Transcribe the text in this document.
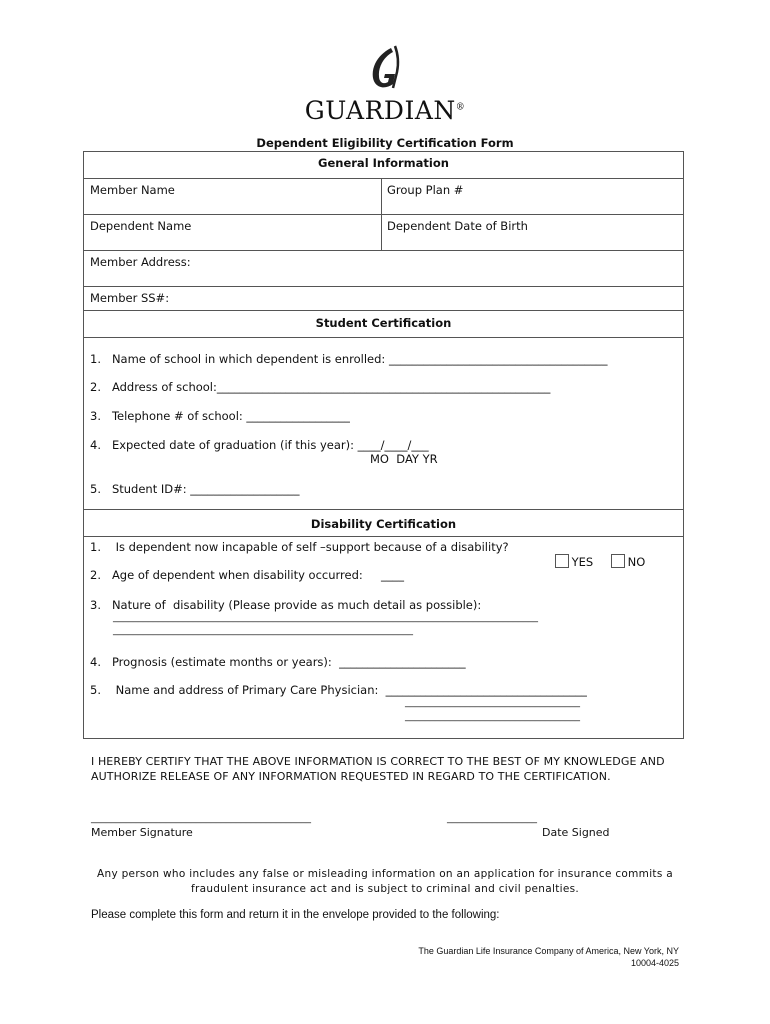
GUARDIAN®
Dependent Eligibility Certification Form
General Information
Member Name	Group Plan #
Dependent Name	Dependent Date of Birth
Member Address:
Member SS#:
Student Certification
1.   Name of school in which dependent is enrolled: ______________________________________
2.   Address of school:__________________________________________________________
3.   Telephone # of school: __________________
4.   Expected date of graduation (if this year): ____/____/___
MO  DAY YR
5.   Student ID#: ___________________
Disability Certification
1.    Is dependent now incapable of self –support because of a disability?

YES
	NO

2.   Age of dependent when disability occurred:     ____
3.   Nature of  disability (Please provide as much detail as possible):
_____________________________________________________________________________________
____________________________________________________________
4.   Prognosis (estimate months or years):  ______________________
5.    Name and address of Primary Care Physician:  ___________________________________
___________________________________
___________________________________
I HEREBY CERTIFY THAT THE ABOVE INFORMATION IS CORRECT TO THE BEST OF MY KNOWLEDGE AND AUTHORIZE RELEASE OF ANY INFORMATION REQUESTED IN REGARD TO THE CERTIFICATION.
____________________________________________	__________________
Member Signature	Date Signed
Any person who includes any false or misleading information on an application for insurance commits a fraudulent insurance act and is subject to criminal and civil penalties.
Please complete this form and return it in the envelope provided to the following:
The Guardian Life Insurance Company of America, New York, NY
10004-4025
